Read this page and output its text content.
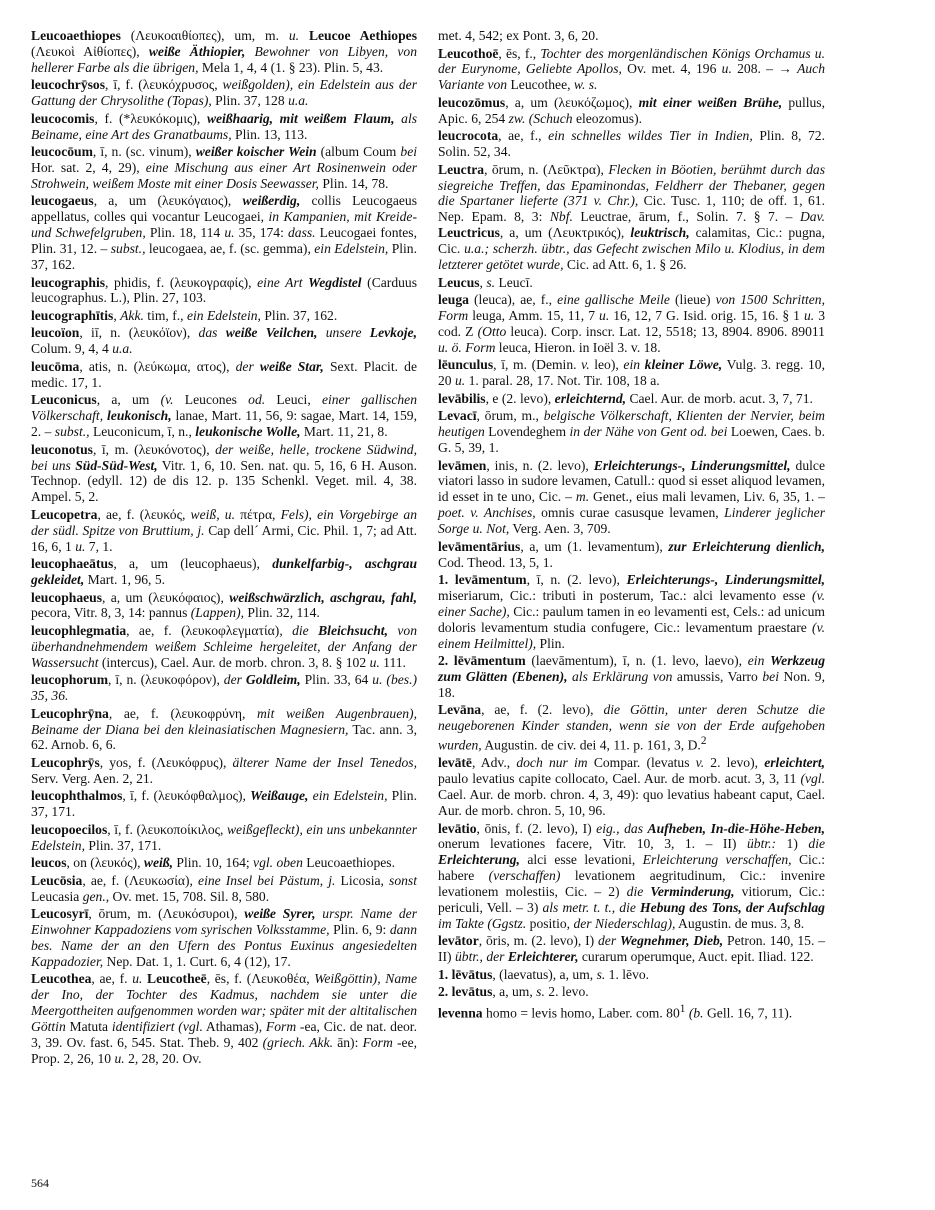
Leucoaethiopes (Λευκοαιθίοπες), um, m. u. Leucoe Aethiopes (Λευκοὶ Αἰθίοπες), weiße Äthiopier, Bewohner von Libyen, von hellerer Farbe als die übrigen, Mela 1, 4, 4 (1. § 23). Plin. 5, 43.

leucochrȳsos, ī, f. (λευκόχρυσος, weißgolden), ein Edelstein aus der Gattung der Chrysolithe (Topas), Plin. 37, 128 u.a.

leucocomis, f. (*λευκόκομις), weißhaarig, mit weißem Flaum, als Beiname, eine Art des Granatbaums, Plin. 13, 113.

leucocōum, ī, n. (sc. vinum), weißer koischer Wein (album Coum bei Hor. sat. 2, 4, 29), eine Mischung aus einer Art Rosinenwein oder Strohwein, weißem Moste mit einer Dosis Seewasser, Plin. 14, 78.

leucogaeus, a, um (λευκόγαιος), weißerdig, collis Leucogaeus appellatus, colles qui vocantur Leucogaei, in Kampanien, mit Kreide- und Schwefelgruben, Plin. 18, 114 u. 35, 174: dass. Leucogaei fontes, Plin. 31, 12. – subst., leucogaea, ae, f. (sc. gemma), ein Edelstein, Plin. 37, 162.

leucographis, phidis, f. (λευκογραφίς), eine Art Wegdistel (Carduus leucographus. L.), Plin. 27, 103.

leucographītis, Akk. tim, f., ein Edelstein, Plin. 37, 162.

leucoïon, iī, n. (λευκόϊον), das weiße Veilchen, unsere Levkoje, Colum. 9, 4, 4 u.a.

leucōma, atis, n. (λεύκωμα, ατος), der weiße Star, Sext. Placit. de medic. 17, 1.

Leuconicus, a, um (v. Leucones od. Leuci, einer gallischen Völkerschaft, leukonisch, lanae, Mart. 11, 56, 9: sagae, Mart. 14, 159, 2. – subst., Leuconicum, ī, n., leukonische Wolle, Mart. 11, 21, 8.

leuconotus, ī, m. (λευκόνοτος), der weiße, helle, trockene Südwind, bei uns Süd-Süd-West, Vitr. 1, 6, 10. Sen. nat. qu. 5, 16, 6 H. Auson. Technop. (edyll. 12) de dis 12. p. 135 Schenkl. Veget. mil. 4, 38. Ampel. 5, 2.

Leucopetra, ae, f. (λευκός, weiß, u. πέτρα, Fels), ein Vorgebirge an der südl. Spitze von Bruttium, j. Cap dell´ Armi, Cic. Phil. 1, 7; ad Att. 16, 6, 1 u. 7, 1.

leucophaeātus, a, um (leucophaeus), dunkelfarbig-, aschgrau gekleidet, Mart. 1, 96, 5.

leucophaeus, a, um (λευκόφαιος), weißschwärzlich, aschgrau, fahl, pecora, Vitr. 8, 3, 14: pannus (Lappen), Plin. 32, 114.

leucophlegmatia, ae, f. (λευκοφλεγματία), die Bleichsucht, von überhandnehmendem weißem Schleime hergeleitet, der Anfang der Wassersucht (intercus), Cael. Aur. de morb. chron. 3, 8. § 102 u. 111.

leucophorum, ī, n. (λευκοφόρον), der Goldleim, Plin. 33, 64 u. (bes.) 35, 36.

Leucophrȳna, ae, f. (λευκοφρύνη, mit weißen Augenbrauen), Beiname der Diana bei den kleinasiatischen Magnesiern, Tac. ann. 3, 62. Arnob. 6, 6.

Leucophrȳs, yos, f. (Λευκόφρυς), älterer Name der Insel Tenedos, Serv. Verg. Aen. 2, 21.

leucophthalmos, ī, f. (λευκόφθαλμος), Weißauge, ein Edelstein, Plin. 37, 171.

leucopoecilos, ī, f. (λευκοποίκιλος, weißgefleckt), ein uns unbekannter Edelstein, Plin. 37, 171.

leucos, on (λευκός), weiß, Plin. 10, 164; vgl. oben Leucoaethiopes.

Leucōsia, ae, f. (Λευκωσία), eine Insel bei Pästum, j. Licosia, sonst Leucasia gen., Ov. met. 15, 708. Sil. 8, 580.

Leucosyrī, ōrum, m. (Λευκόσυροι), weiße Syrer, urspr. Name der Einwohner Kappadoziens vom syrischen Volksstamme, Plin. 6, 9: dann bes. Name der an den Ufern des Pontus Euxinus angesiedelten Kappadozier, Nep. Dat. 1, 1. Curt. 6, 4 (12), 17.

Leucothea, ae, f. u. Leucotheē, ēs, f. (Λευκοθέα, Weißgöttin), Name der Ino, der Tochter des Kadmus, nachdem sie unter die Meergottheiten aufgenommen worden war; später mit der altitalischen Göttin Matuta identifiziert (vgl. Athamas), Form -ea, Cic. de nat. deor. 3, 39. Ov. fast. 6, 545. Stat. Theb. 9, 402 (griech. Akk. ān): Form -ee, Prop. 2, 26, 10 u. 2, 28, 20. Ov.

met. 4, 542; ex Pont. 3, 6, 20.

Leucothoē, ēs, f., Tochter des morgenländischen Königs Orchamus u. der Eurynome, Geliebte Apollos, Ov. met. 4, 196 u. 208. – → Auch Variante von Leucothee, w. s.

leucozōmus, a, um (λευκόζωμος), mit einer weißen Brühe, pullus, Apic. 6, 254 zw. (Schuch eleozomus).

leucrocota, ae, f., ein schnelles wildes Tier in Indien, Plin. 8, 72. Solin. 52, 34.

Leuctra, ōrum, n. (Λεῦκτρα), Flecken in Böotien, berühmt durch das siegreiche Treffen, das Epaminondas, Feldherr der Thebaner, gegen die Spartaner lieferte (371 v. Chr.), Cic. Tusc. 1, 110; de off. 1, 61. Nep. Epam. 8, 3: Nbf. Leuctrae, ārum, f., Solin. 7. § 7. – Dav. Leuctricus, a, um (Λευκτρικός), leuktrisch, calamitas, Cic.: pugna, Cic. u.a.; scherzh. übtr., das Gefecht zwischen Milo u. Klodius, in dem letzterer getötet wurde, Cic. ad Att. 6, 1. § 26.

Leucus, s. Leucī.

leuga (leuca), ae, f., eine gallische Meile (lieue) von 1500 Schritten, Form leuga, Amm. 15, 11, 7 u. 16, 12, 7 G. Isid. orig. 15, 16. § 1 u. 3 cod. Z (Otto leuca). Corp. inscr. Lat. 12, 5518; 13, 8904. 8906. 89011 u. ö. Form leuca, Hieron. in Ioël 3. v. 18.

lēunculus, ī, m. (Demin. v. leo), ein kleiner Löwe, Vulg. 3. regg. 10, 20 u. 1. paral. 28, 17. Not. Tir. 108, 18 a.

levābilis, e (2. levo), erleichternd, Cael. Aur. de morb. acut. 3, 7, 71.

Levacī, ōrum, m., belgische Völkerschaft, Klienten der Nervier, beim heutigen Lovendeghem in der Nähe von Gent od. bei Loewen, Caes. b. G. 5, 39, 1.

levāmen, inis, n. (2. levo), Erleichterungs-, Linderungsmittel, dulce viatori lasso in sudore levamen, Catull.: quod si esset aliquod levamen, id esset in te uno, Cic. – m. Genet., eius mali levamen, Liv. 6, 35, 1. – poet. v. Anchises, omnis curae casusque levamen, Linderer jeglicher Sorge u. Not, Verg. Aen. 3, 709.

levāmentārius, a, um (1. levamentum), zur Erleichterung dienlich, Cod. Theod. 13, 5, 1.

1. levāmentum, ī, n. (2. levo), Erleichterungs-, Linderungsmittel, miseriarum, Cic.: tributi in posterum, Tac.: alci levamento esse (v. einer Sache), Cic.: paulum tamen in eo levamenti est, Cels.: ad unicum doloris levamentum studia confugere, Cic.: levamentum praestare (v. einem Heilmittel), Plin.

2. lēvāmentum (laevāmentum), ī, n. (1. levo, laevo), ein Werkzeug zum Glätten (Ebenen), als Erklärung von amussis, Varro bei Non. 9, 18.

Levāna, ae, f. (2. levo), die Göttin, unter deren Schutze die neugeborenen Kinder standen, wenn sie von der Erde aufgehoben wurden, Augustin. de civ. dei 4, 11. p. 161, 3, D.$^2$

levātē, Adv., doch nur im Compar. (levatus v. 2. levo), erleichtert, paulo levatius capite collocato, Cael. Aur. de morb. acut. 3, 3, 11 (vgl. Cael. Aur. de morb. chron. 4, 3, 49): quo levatius habeant caput, Cael. Aur. de morb. chron. 5, 10, 96.

levātio, ōnis, f. (2. levo), I) eig., das Aufheben, In-die-Höhe-Heben, onerum levationes facere, Vitr. 10, 3, 1. – II) übtr.: 1) die Erleichterung, alci esse levationi, Erleichterung verschaffen, Cic.: habere (verschaffen) levationem aegritudinum, Cic.: invenire levationem molestiis, Cic. – 2) die Verminderung, vitiorum, Cic.: periculi, Vell. – 3) als metr. t. t., die Hebung des Tons, der Aufschlag im Takte (Ggstz. positio, der Niederschlag), Augustin. de mus. 3, 8.

levātor, ōris, m. (2. levo), I) der Wegnehmer, Dieb, Petron. 140, 15. – II) übtr., der Erleichterer, curarum operumque, Auct. epit. Iliad. 122.

1. lēvātus, (laevatus), a, um, s. 1. lēvo.

2. levātus, a, um, s. 2. levo.

levenna homo = levis homo, Laber. com. $80^1$ (b. Gell. 16, 7, 11).

564
